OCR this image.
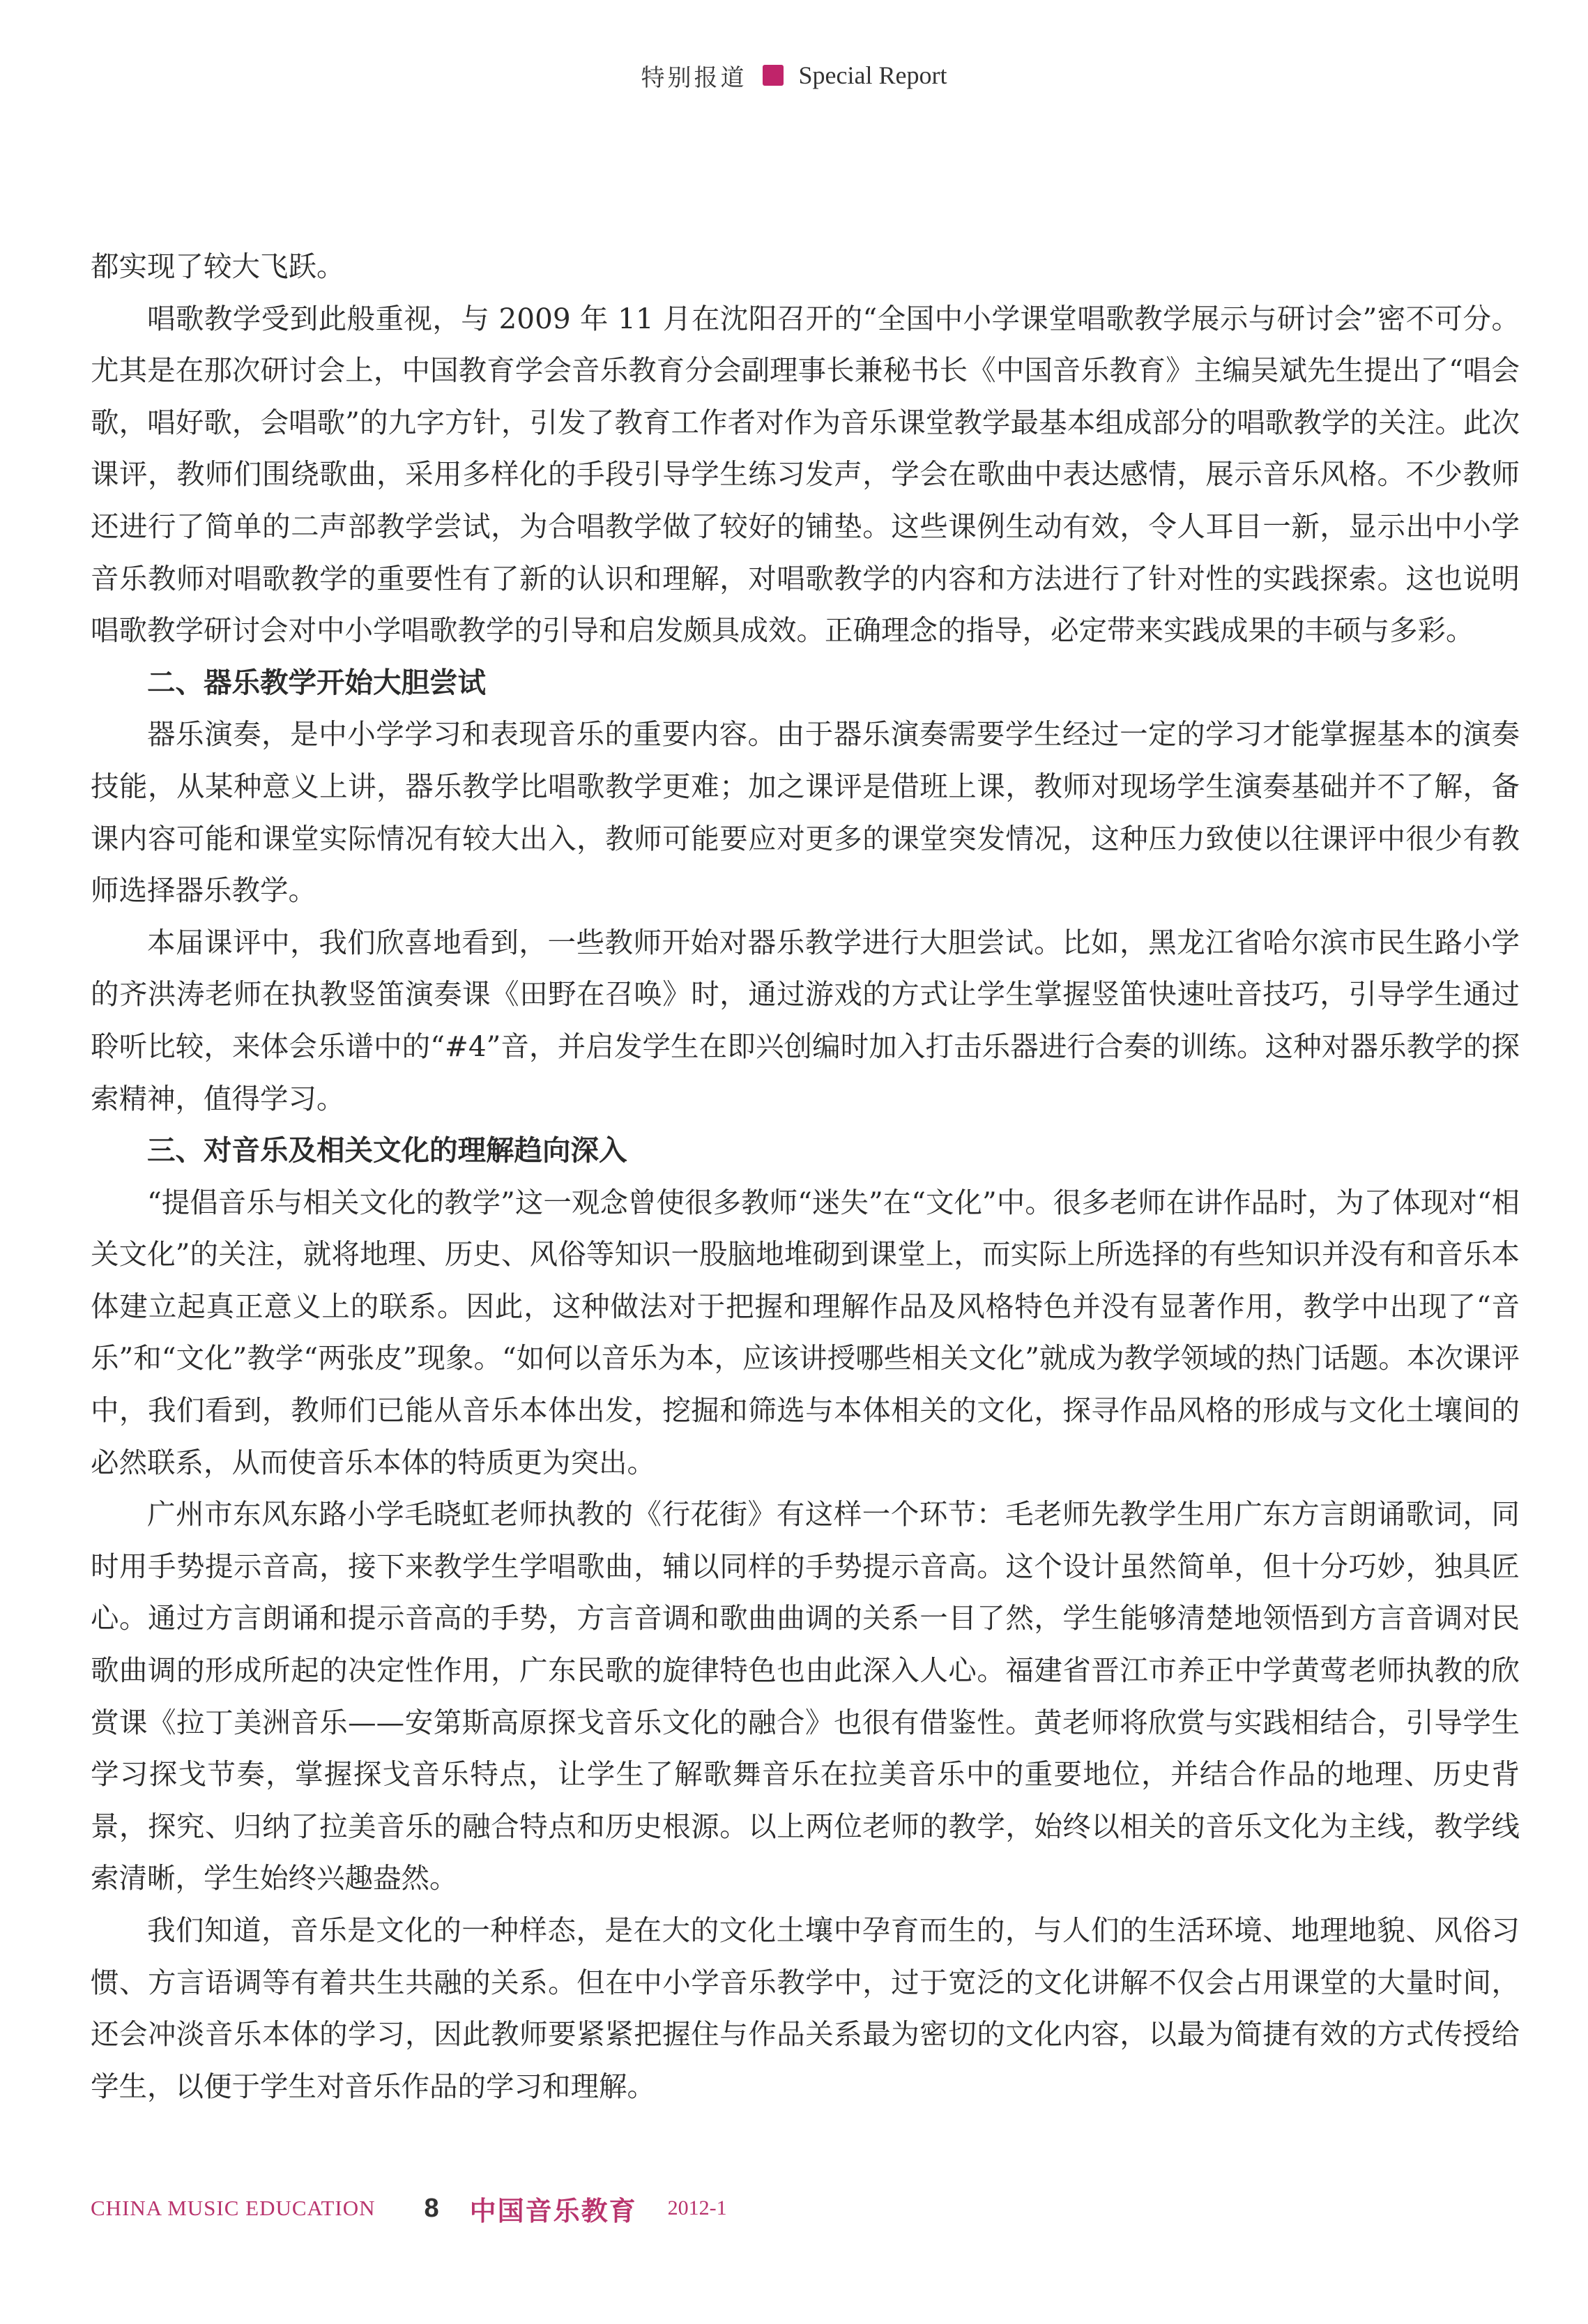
特别报道 Special Report

都实现了较大飞跃。

唱歌教学受到此般重视，与 2009 年 11 月在沈阳召开的“全国中小学课堂唱歌教学展示与研讨会”密不可分。尤其是在那次研讨会上，中国教育学会音乐教育分会副理事长兼秘书长《中国音乐教育》主编吴斌先生提出了“唱会歌，唱好歌，会唱歌”的九字方针，引发了教育工作者对作为音乐课堂教学最基本组成部分的唱歌教学的关注。此次课评，教师们围绕歌曲，采用多样化的手段引导学生练习发声，学会在歌曲中表达感情，展示音乐风格。不少教师还进行了简单的二声部教学尝试，为合唱教学做了较好的铺垫。这些课例生动有效，令人耳目一新，显示出中小学音乐教师对唱歌教学的重要性有了新的认识和理解，对唱歌教学的内容和方法进行了针对性的实践探索。这也说明唱歌教学研讨会对中小学唱歌教学的引导和启发颇具成效。正确理念的指导，必定带来实践成果的丰硕与多彩。

二、器乐教学开始大胆尝试

器乐演奏，是中小学学习和表现音乐的重要内容。由于器乐演奏需要学生经过一定的学习才能掌握基本的演奏技能，从某种意义上讲，器乐教学比唱歌教学更难；加之课评是借班上课，教师对现场学生演奏基础并不了解，备课内容可能和课堂实际情况有较大出入，教师可能要应对更多的课堂突发情况，这种压力致使以往课评中很少有教师选择器乐教学。

本届课评中，我们欣喜地看到，一些教师开始对器乐教学进行大胆尝试。比如，黑龙江省哈尔滨市民生路小学的齐洪涛老师在执教竖笛演奏课《田野在召唤》时，通过游戏的方式让学生掌握竖笛快速吐音技巧，引导学生通过聆听比较，来体会乐谱中的“#4”音，并启发学生在即兴创编时加入打击乐器进行合奏的训练。这种对器乐教学的探索精神，值得学习。

三、对音乐及相关文化的理解趋向深入

“提倡音乐与相关文化的教学”这一观念曾使很多教师“迷失”在“文化”中。很多老师在讲作品时，为了体现对“相关文化”的关注，就将地理、历史、风俗等知识一股脑地堆砌到课堂上，而实际上所选择的有些知识并没有和音乐本体建立起真正意义上的联系。因此，这种做法对于把握和理解作品及风格特色并没有显著作用，教学中出现了“音乐”和“文化”教学“两张皮”现象。“如何以音乐为本，应该讲授哪些相关文化”就成为教学领域的热门话题。本次课评中，我们看到，教师们已能从音乐本体出发，挖掘和筛选与本体相关的文化，探寻作品风格的形成与文化土壤间的必然联系，从而使音乐本体的特质更为突出。

广州市东风东路小学毛晓虹老师执教的《行花街》有这样一个环节：毛老师先教学生用广东方言朗诵歌词，同时用手势提示音高，接下来教学生学唱歌曲，辅以同样的手势提示音高。这个设计虽然简单，但十分巧妙，独具匠心。通过方言朗诵和提示音高的手势，方言音调和歌曲曲调的关系一目了然，学生能够清楚地领悟到方言音调对民歌曲调的形成所起的决定性作用，广东民歌的旋律特色也由此深入人心。福建省晋江市养正中学黄莺老师执教的欣赏课《拉丁美洲音乐——安第斯高原探戈音乐文化的融合》也很有借鉴性。黄老师将欣赏与实践相结合，引导学生学习探戈节奏，掌握探戈音乐特点，让学生了解歌舞音乐在拉美音乐中的重要地位，并结合作品的地理、历史背景，探究、归纳了拉美音乐的融合特点和历史根源。以上两位老师的教学，始终以相关的音乐文化为主线，教学线索清晰，学生始终兴趣盎然。

我们知道，音乐是文化的一种样态，是在大的文化土壤中孕育而生的，与人们的生活环境、地理地貌、风俗习惯、方言语调等有着共生共融的关系。但在中小学音乐教学中，过于宽泛的文化讲解不仅会占用课堂的大量时间，还会冲淡音乐本体的学习，因此教师要紧紧把握住与作品关系最为密切的文化内容，以最为简捷有效的方式传授给学生，以便于学生对音乐作品的学习和理解。

CHINA MUSIC EDUCATION 8 中国音乐教育 2012-1
